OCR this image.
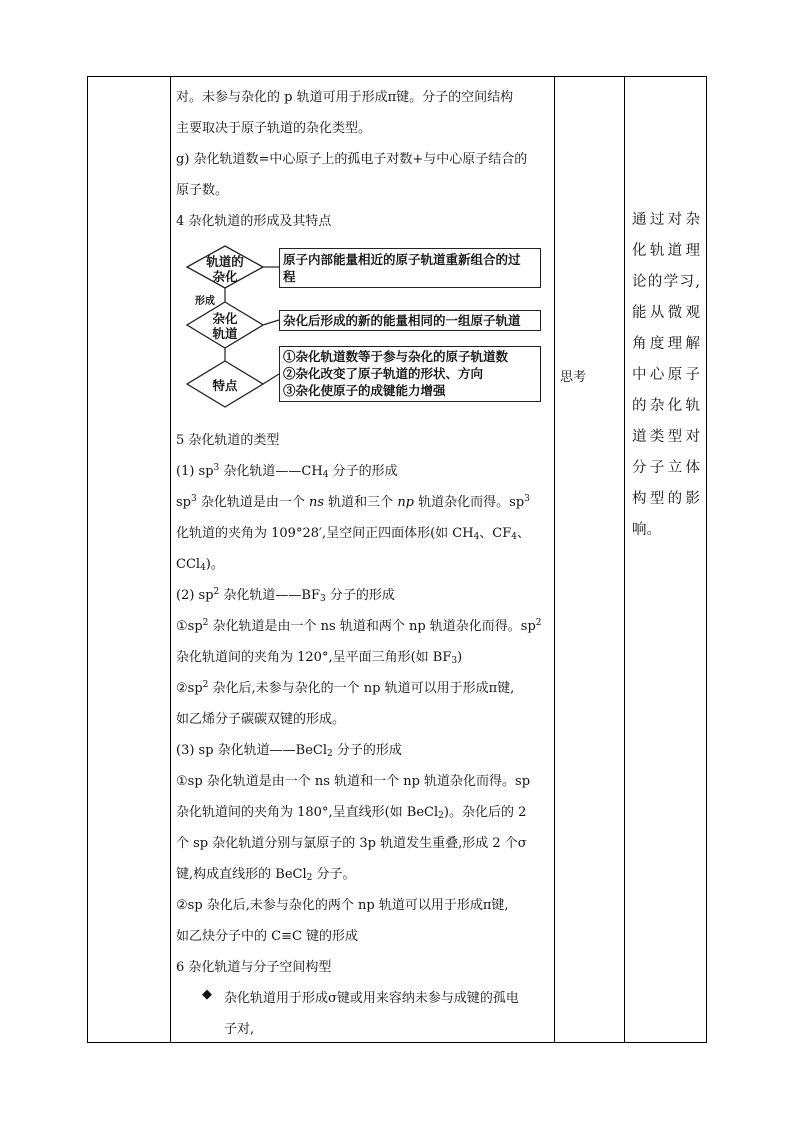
对。未参与杂化的 p 轨道可用于形成π键。分子的空间结构
主要取决于原子轨道的杂化类型。
g) 杂化轨道数=中心原子上的孤电子对数+与中心原子结合的
原子数。
4 杂化轨道的形成及其特点
5 杂化轨道的类型
(1) $sp^3$ 杂化轨道$——CH_4$ 分子的形成
$sp^3$ 杂化轨道是由一个 ns 轨道和三个 np 轨道杂化而得。$sp^3$
化轨道的夹角为 109°28′,呈空间正四面体形(如 $CH_4$、$CF_4$、
CCl$_4$)。
(2) $sp^2$ 杂化轨道$——BF_3$ 分子的形成
$①sp^2$ 杂化轨道是由一个 ns 轨道和两个 np 轨道杂化而得。$sp^2$
杂化轨道间的夹角为 120°,呈平面三角形(如 $BF_3$)
$②sp^2$ 杂化后,未参与杂化的一个 np 轨道可以用于形成π键,
如乙烯分子碳碳双键的形成。
(3) sp 杂化轨道——BeCl$_2$ 分子的形成
①sp 杂化轨道是由一个 ns 轨道和一个 np 轨道杂化而得。sp
杂化轨道间的夹角为 180°,呈直线形(如 BeCl$_2$)。杂化后的 2
个 sp 杂化轨道分别与氯原子的 3p 轨道发生重叠,形成 2 个σ
键,构成直线形的 BeCl$_2$ 分子。
②sp 杂化后,未参与杂化的两个 np 轨道可以用于形成π键,
如乙炔分子中的 C≡C 键的形成
6 杂化轨道与分子空间构型
◆ 杂化轨道用于形成σ键或用来容纳未参与成键的孤电
子对,
轨道的
杂化
形成
杂化
轨道
特点
原子内部能量相近的原子轨道重新组合的过
程
杂化后形成的新的能量相同的一组原子轨道
①杂化轨道数等于参与杂化的原子轨道数
②杂化改变了原子轨道的形状、方向
③杂化使原子的成键能力增强
思考
通过对杂
化轨道理
论的学习,
能从微观
角度理解
中心原子
的杂化轨
道类型对
分子立体
构型的影
响。
